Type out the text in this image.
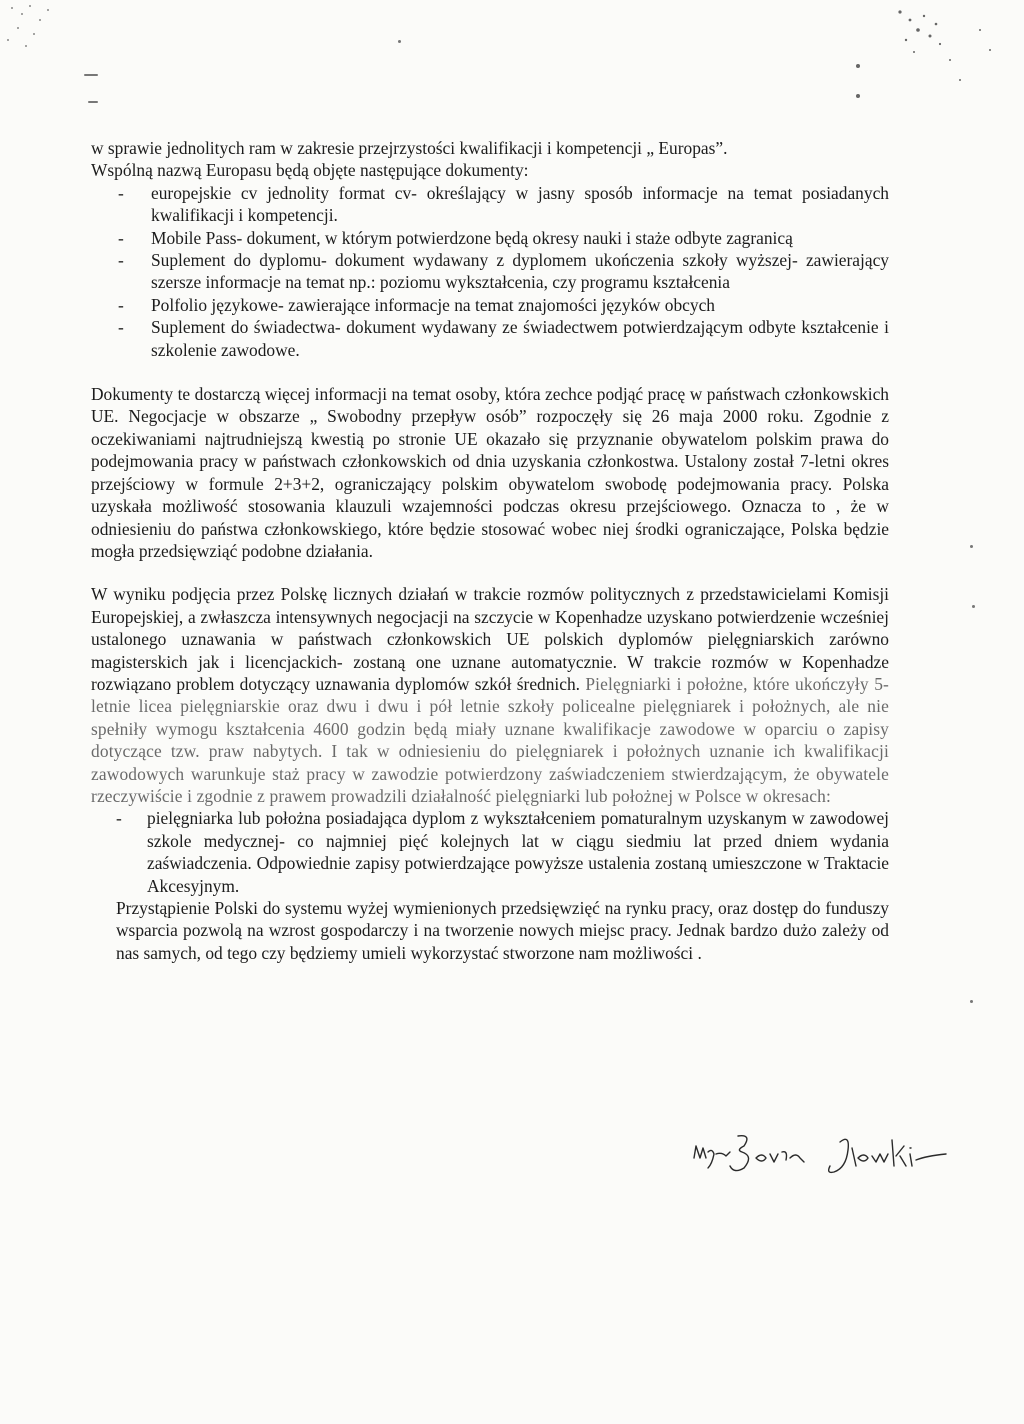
w sprawie jednolitych ram w zakresie przejrzystości kwalifikacji i kompetencji „ Europas”.

Wspólną nazwą Europasu będą objęte następujące dokumenty:

- europejskie cv jednolity format cv- określający w jasny sposób informacje na temat posiadanych kwalifikacji i kompetencji.
- Mobile Pass- dokument, w którym potwierdzone będą okresy nauki i staże odbyte zagranicą
- Suplement do dyplomu- dokument wydawany z dyplomem ukończenia szkoły wyższej- zawierający szersze informacje na temat np.: poziomu wykształcenia, czy programu kształcenia
- Polfolio językowe- zawierające informacje na temat znajomości języków obcych
- Suplement do świadectwa- dokument wydawany ze świadectwem potwierdzającym odbyte kształcenie i szkolenie zawodowe.

Dokumenty te dostarczą więcej informacji na temat osoby, która zechce podjąć pracę w państwach członkowskich UE. Negocjacje w obszarze „ Swobodny przepływ osób” rozpoczęły się 26 maja 2000 roku. Zgodnie z oczekiwaniami najtrudniejszą kwestią po stronie UE okazało się przyznanie obywatelom polskim prawa do podejmowania pracy w państwach członkowskich od dnia uzyskania członkostwa. Ustalony został 7-letni okres przejściowy w formule 2+3+2, ograniczający polskim obywatelom swobodę podejmowania pracy. Polska uzyskała możliwość stosowania klauzuli wzajemności podczas okresu przejściowego. Oznacza to , że w odniesieniu do państwa członkowskiego, które będzie stosować wobec niej środki ograniczające, Polska będzie mogła przedsięwziąć podobne działania.

W wyniku podjęcia przez Polskę licznych działań w trakcie rozmów politycznych z przedstawicielami Komisji Europejskiej, a zwłaszcza intensywnych negocjacji na szczycie w Kopenhadze uzyskano potwierdzenie wcześniej ustalonego uznawania w państwach członkowskich UE polskich dyplomów pielęgniarskich zarówno magisterskich jak i licencjackich- zostaną one uznane automatycznie. W trakcie rozmów w Kopenhadze rozwiązano problem dotyczący uznawania dyplomów szkół średnich. Pielęgniarki i położne, które ukończyły 5-letnie licea pielęgniarskie oraz dwu i dwu i pół letnie szkoły policealne pielęgniarek i położnych, ale nie spełniły wymogu kształcenia 4600 godzin będą miały uznane kwalifikacje zawodowe w oparciu o zapisy dotyczące tzw. praw nabytych. I tak w odniesieniu do pielęgniarek i położnych uznanie ich kwalifikacji zawodowych warunkuje staż pracy w zawodzie potwierdzony zaświadczeniem stwierdzającym, że obywatele rzeczywiście i zgodnie z prawem prowadzili działalność pielęgniarki lub położnej w Polsce w okresach:

- pielęgniarka lub położna posiadająca dyplom z wykształceniem pomaturalnym uzyskanym w zawodowej szkole medycznej- co najmniej pięć kolejnych lat w ciągu siedmiu lat przed dniem wydania zaświadczenia. Odpowiednie zapisy potwierdzające powyższe ustalenia zostaną umieszczone w Traktacie Akcesyjnym.

Przystąpienie Polski do systemu wyżej wymienionych przedsięwzięć na rynku pracy, oraz dostęp do funduszy wsparcia pozwolą na wzrost gospodarczy i na tworzenie nowych miejsc pracy. Jednak bardzo dużo zależy od nas samych, od tego czy będziemy umieli wykorzystać stworzone nam możliwości .
